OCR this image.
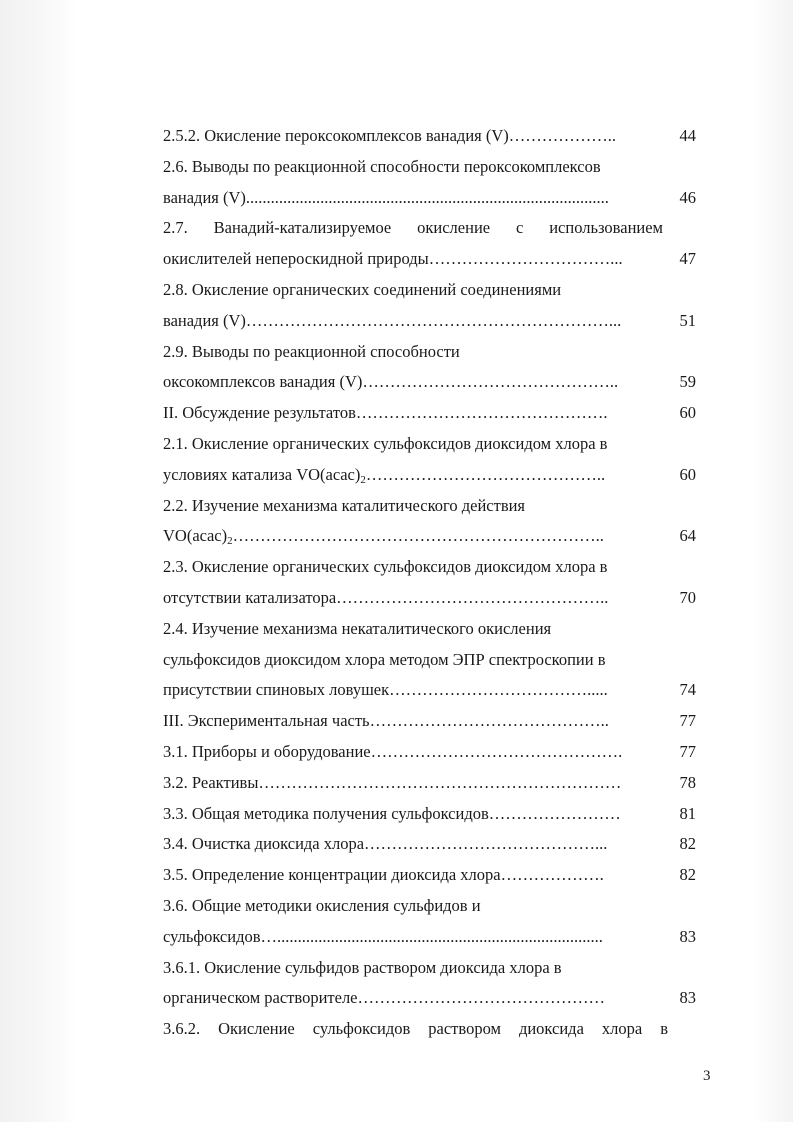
2.5.2. Окисление пероксокомплексов ванадия (V)………………..	44
2.6. Выводы по реакционной способности пероксокомплексов
ванадия (V)........................................................................................	46
2.7. Ванадий-катализируемое окисление с использованием
окислителей непероскидной природы……………………………...	47
2.8. Окисление органических соединений соединениями
ванадия (V)…………………………………………………………...	51
2.9. Выводы по реакционной способности
оксокомплексов ванадия (V)………………………………………..	59
II. Обсуждение результатов……………………………………….	60
2.1. Окисление органических сульфоксидов диоксидом хлора в
условиях катализа $VO(acac)_2\dots\dots\dots\dots\dots\dots\dots\dots\dots\dots\dots\dots\dots\dots$..	60
2.2. Изучение механизма каталитического действия
$VO(acac)_2\dots\dots\dots\dots\dots\dots\dots\dots\dots\dots\dots\dots\dots\dots\dots\dots\dots\dots\dots\dots\dots\dots$..	64
2.3. Окисление органических сульфоксидов диоксидом хлора в
отсутствии катализатора…………………………………………..	70
2.4. Изучение механизма некаталитического окисления
сульфоксидов диоксидом хлора методом ЭПР спектроскопии в
присутствии спиновых ловушек……………………………….....	74
III. Экспериментальная часть……………………………………..	77
3.1. Приборы и оборудование……………………………………….	77
3.2. Реактивы…………………………………………………………	78
3.3. Общая методика получения сульфоксидов……………………	81
3.4. Очистка диоксида хлора……………………………………...	82
3.5. Определение концентрации диоксида хлора……………….	82
3.6. Общие методики окисления сульфидов и
сульфоксидов…...............................................................................	83
3.6.1. Окисление сульфидов раствором диоксида хлора в
органическом растворителе………………………………………	83
3.6.2. Окисление сульфоксидов раствором диоксида хлора в
3
